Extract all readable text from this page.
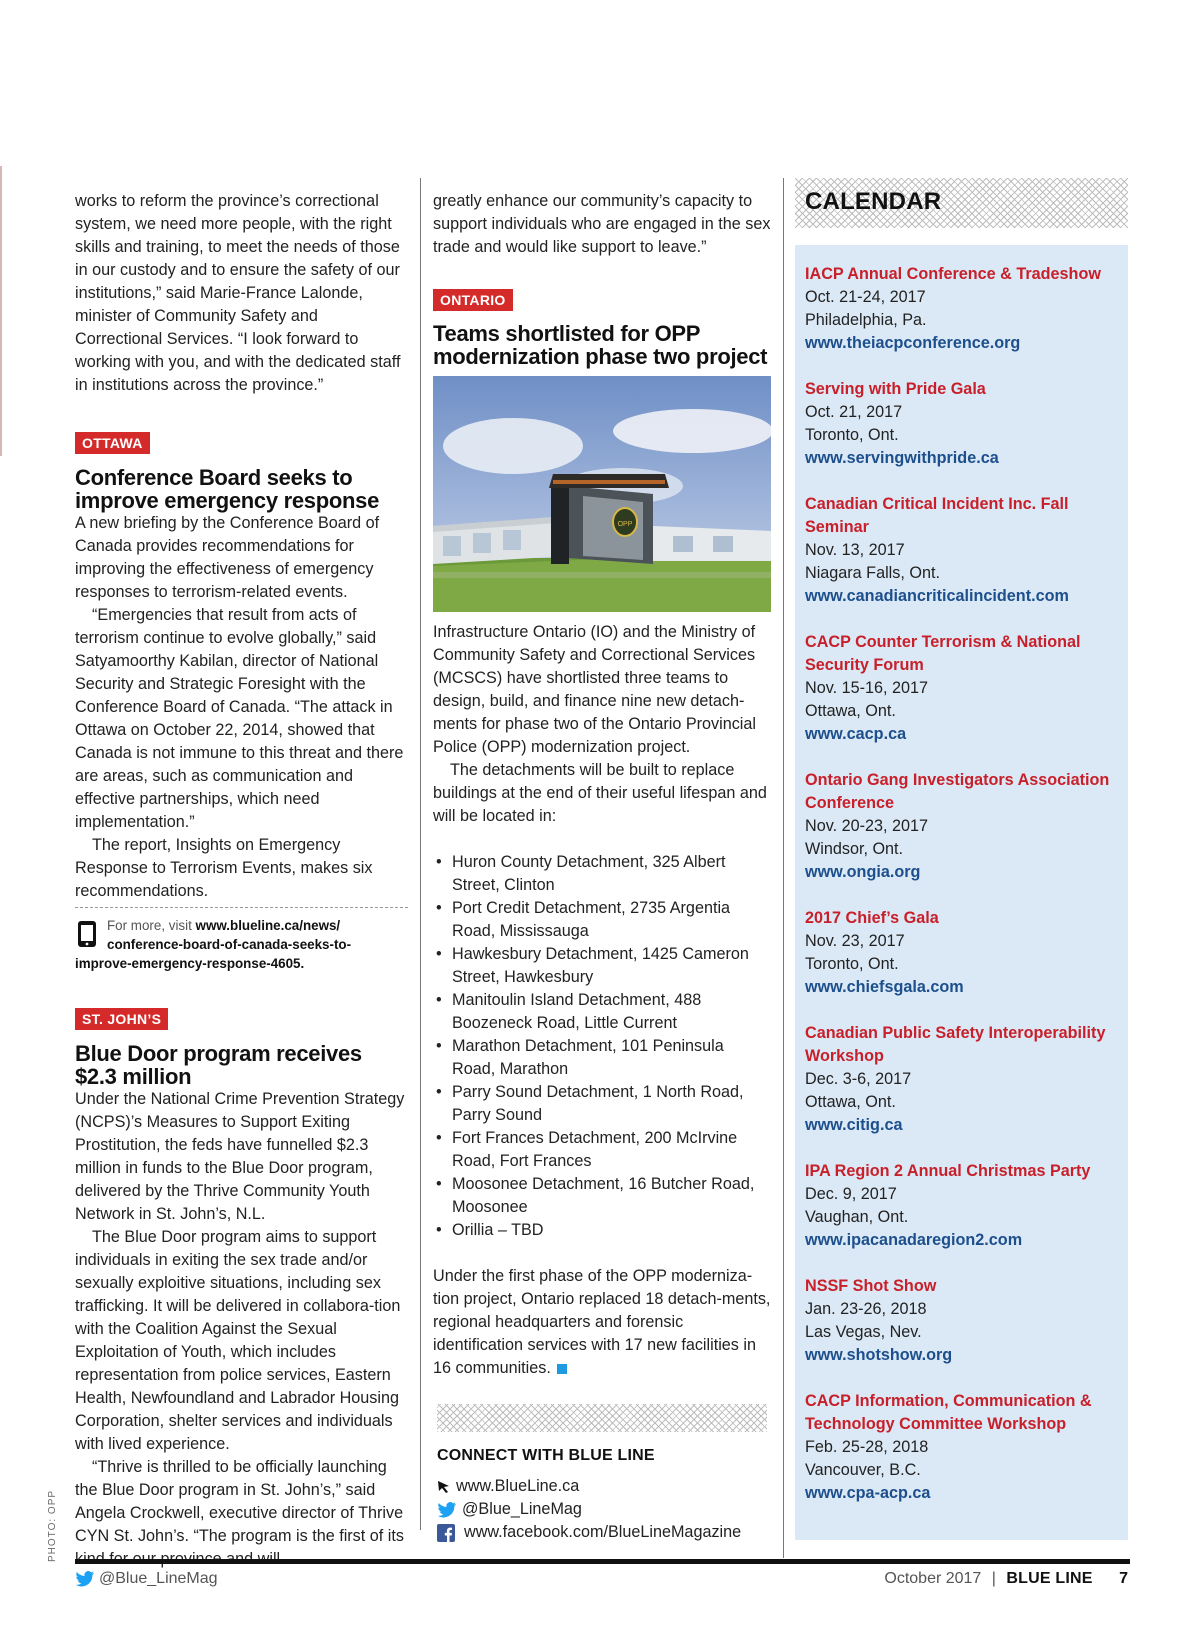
works to reform the province’s correctional system, we need more people, with the right skills and training, to meet the needs of those in our custody and to ensure the safety of our institutions,” said Marie-France Lalonde, minister of Community Safety and Correctional Services. “I look forward to working with you, and with the dedicated staff in institutions across the province.”

OTTAWA
Conference Board seeks to improve emergency response

A new briefing by the Conference Board of Canada provides recommendations for improving the effectiveness of emergency responses to terrorism-related events.

“Emergencies that result from acts of terrorism continue to evolve globally,” said Satyamoorthy Kabilan, director of National Security and Strategic Foresight with the Conference Board of Canada. “The attack in Ottawa on October 22, 2014, showed that Canada is not immune to this threat and there are areas, such as communication and effective partnerships, which need implementation.”

The report, Insights on Emergency Response to Terrorism Events, makes six recommendations.

For more, visit www.blueline.ca/news/
conference-board-of-canada-seeks-to-
improve-emergency-response-4605.
ST. JOHN’S
Blue Door program receives $2.3 million

Under the National Crime Prevention Strategy (NCPS)’s Measures to Support Exiting Prostitution, the feds have funnelled $2.3 million in funds to the Blue Door program, delivered by the Thrive Community Youth Network in St. John’s, N.L.

The Blue Door program aims to support individuals in exiting the sex trade and/or sexually exploitive situations, including sex trafficking. It will be delivered in collabora-tion with the Coalition Against the Sexual Exploitation of Youth, which includes representation from police services, Eastern Health, Newfoundland and Labrador Housing Corporation, shelter services and individuals with lived experience.

“Thrive is thrilled to be officially launching the Blue Door program in St. John’s,” said Angela Crockwell, executive director of Thrive CYN St. John’s. “The program is the first of its

greatly enhance our community’s capacity to support individuals who are engaged in the sex trade and would like support to leave.”

ONTARIO
Teams shortlisted for OPP modernization phase two project
OPP

Infrastructure Ontario (IO) and the Ministry of Community Safety and Correctional Services (MCSCS) have shortlisted three teams to design, build, and finance nine new detach-ments for phase two of the Ontario Provincial Police (OPP) modernization project.

The detachments will be built to replace buildings at the end of their useful lifespan and will be located in:

• Huron County Detachment, 325 Albert Street, Clinton
• Port Credit Detachment, 2735 Argentia Road, Mississauga
• Hawkesbury Detachment, 1425 Cameron Street, Hawkesbury
• Manitoulin Island Detachment, 488 Boozeneck Road, Little Current
• Marathon Detachment, 101 Peninsula Road, Marathon
• Parry Sound Detachment, 1 North Road, Parry Sound
• Fort Frances Detachment, 200 McIrvine Road, Fort Frances
• Moosonee Detachment, 16 Butcher Road, Moosonee
• Orillia – TBD

Under the first phase of the OPP moderniza-tion project, Ontario replaced 18 detach-ments, regional headquarters and forensic identification services with 17 new facilities in 16 communities.

CONNECT WITH BLUE LINE
www.BlueLine.ca
@Blue_LineMag
www.facebook.com/BlueLineMagazine
CALENDAR
IACP Annual Conference & Tradeshow
Oct. 21-24, 2017
Philadelphia, Pa.
www.theiacpconference.org
Serving with Pride Gala
Oct. 21, 2017
Toronto, Ont.
www.servingwithpride.ca
Canadian Critical Incident Inc. Fall Seminar
Nov. 13, 2017
Niagara Falls, Ont.
www.canadiancriticalincident.com
CACP Counter Terrorism & National Security Forum
Nov. 15-16, 2017
Ottawa, Ont.
www.cacp.ca
Ontario Gang Investigators Association Conference
Nov. 20-23, 2017
Windsor, Ont.
www.ongia.org
2017 Chief’s Gala
Nov. 23, 2017
Toronto, Ont.
www.chiefsgala.com
Canadian Public Safety Interoperability Workshop
Dec. 3-6, 2017
Ottawa, Ont.
www.citig.ca
IPA Region 2 Annual Christmas Party
Dec. 9, 2017
Vaughan, Ont.
www.ipacanadaregion2.com
NSSF Shot Show
Jan. 23-26, 2018
Las Vegas, Nev.
www.shotshow.org
CACP Information, Communication & Technology Committee Workshop
Feb. 25-28, 2018
Vancouver, B.C.
www.cpa-acp.ca
PHOTO: OPP
@Blue_LineMag	October 2017 | BLUE LINE 7
